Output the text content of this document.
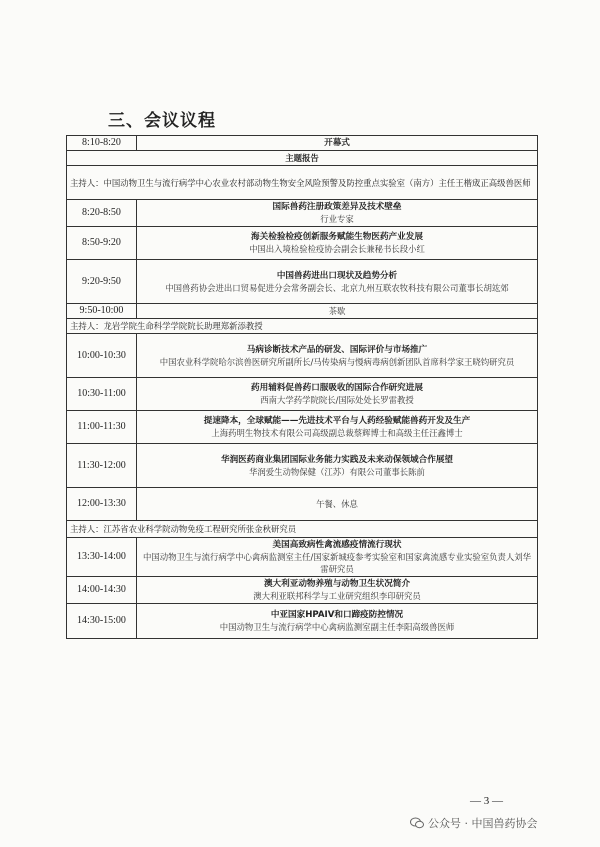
三、会议议程
8:10-8:20	开幕式

主题报告	
主持人：中国动物卫生与流行病学中心农业农村部动物生物安全风险预警及防控重点实验室（南方）主任王楷宬正高级兽医师	
8:20-8:50	国际兽药注册政策差异及技术壁垒
行业专家

8:50-9:20	海关检验检疫创新服务赋能生物医药产业发展
中国出入境检验检疫协会副会长兼秘书长段小红

9:20-9:50	中国兽药进出口现状及趋势分析
中国兽药协会进出口贸易促进分会常务副会长、北京九州互联农牧科技有限公司董事长胡竑郊

9:50-10:00	茶歇

主持人：龙岩学院生命科学学院院长助理郑新添教授	
10:00-10:30	马病诊断技术产品的研发、国际评价与市场推广
中国农业科学院哈尔滨兽医研究所副所长/马传染病与慢病毒病创新团队首席科学家王晓钧研究员

10:30-11:00	药用辅料促兽药口服吸收的国际合作研究进展
西南大学药学院院长/国际处处长罗雷教授

11:00-11:30	提速降本，全球赋能——先进技术平台与人药经验赋能兽药开发及生产
上海药明生物技术有限公司高级副总裁蔡辉博士和高级主任汪鑫博士

11:30-12:00	华润医药商业集团国际业务能力实践及未来动保领域合作展望
华润爱生动物保健（江苏）有限公司董事长陈前

12:00-13:30	午餐、休息

主持人：江苏省农业科学院动物免疫工程研究所张金秋研究员	
13:30-14:00	美国高致病性禽流感疫情流行现状
中国动物卫生与流行病学中心禽病监测室主任/国家新城疫参考实验室和国家禽流感专业实验室负责人刘华雷研究员

14:00-14:30	澳大利亚动物养殖与动物卫生状况简介
澳大利亚联邦科学与工业研究组织李印研究员

14:30-15:00	中亚国家HPAIV和口蹄疫防控情况
中国动物卫生与流行病学中心禽病监测室副主任李阳高级兽医师
— 3 —
公众号 · 中国兽药协会
